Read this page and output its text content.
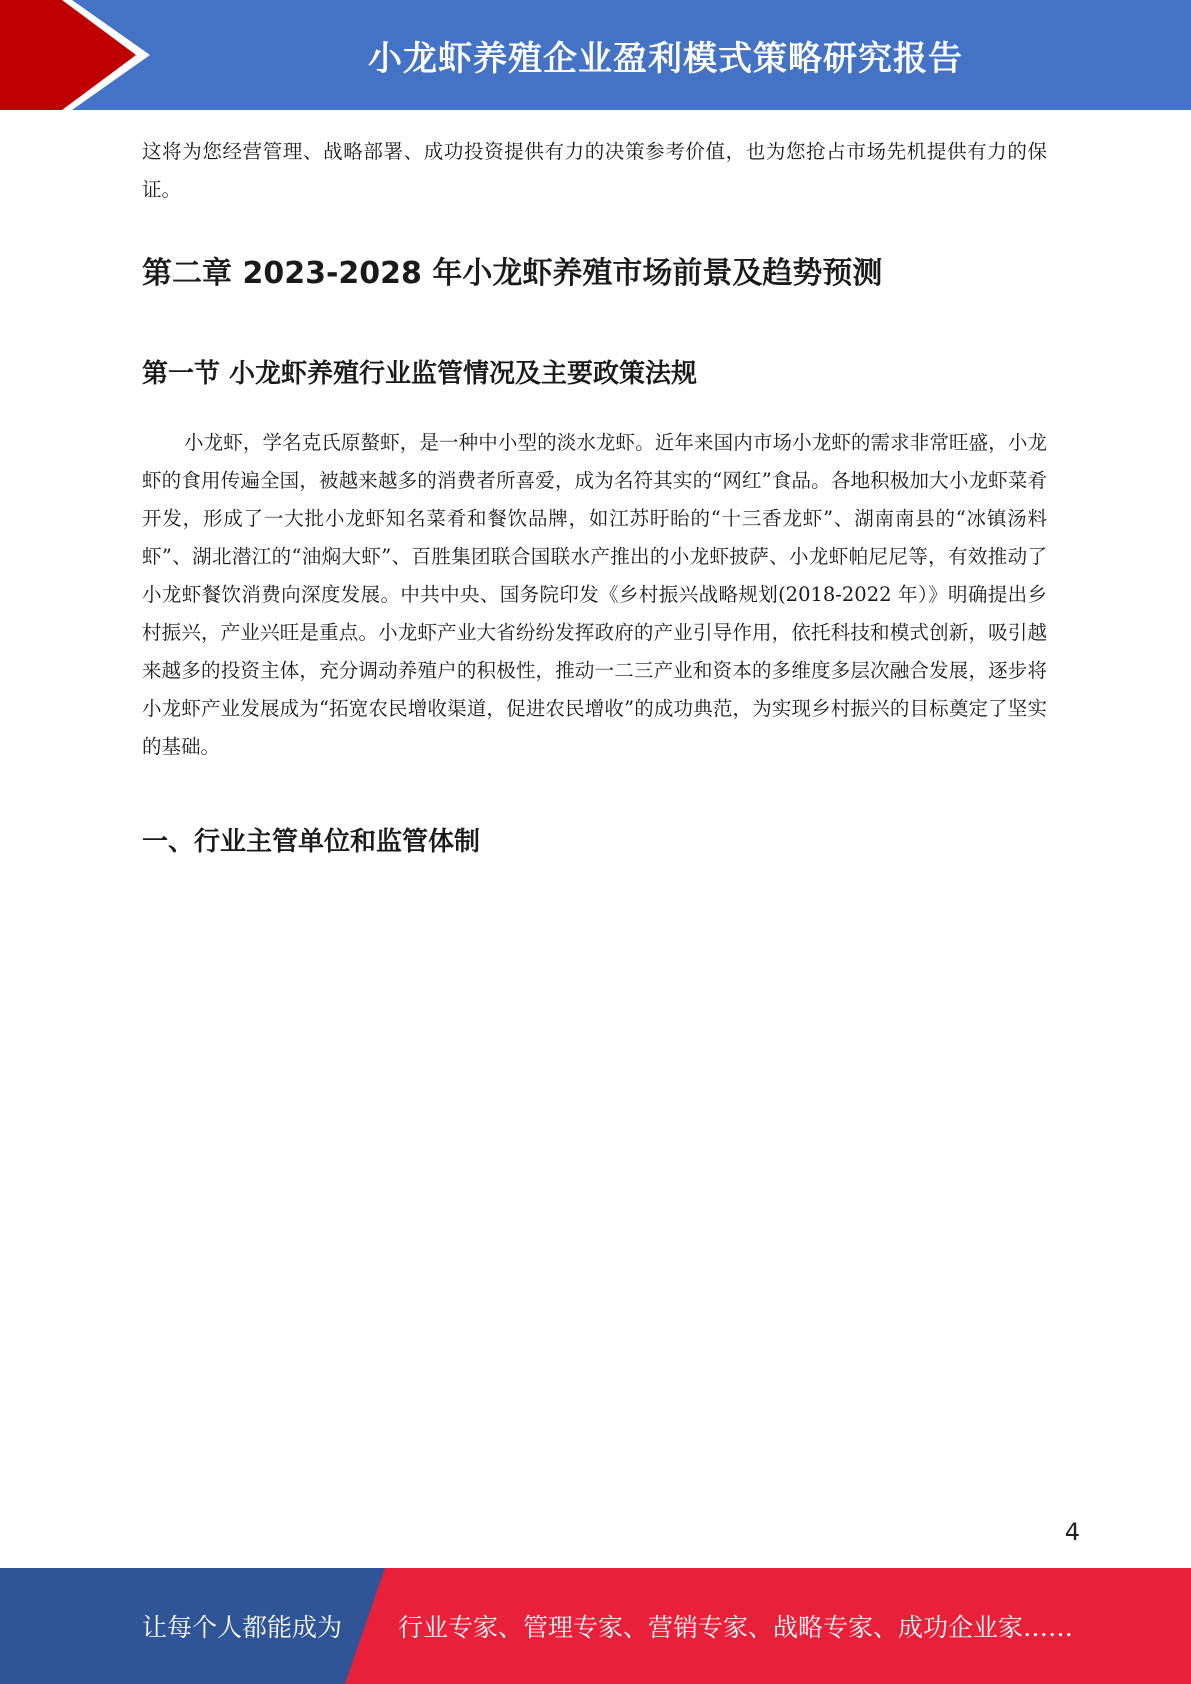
小龙虾养殖企业盈利模式策略研究报告

这将为您经营管理、战略部署、成功投资提供有力的决策参考价值，也为您抢占市场先机提供有力的保证。

第二章 2023-2028 年小龙虾养殖市场前景及趋势预测
第一节 小龙虾养殖行业监管情况及主要政策法规

小龙虾，学名克氏原螯虾，是一种中小型的淡水龙虾。近年来国内市场小龙虾的需求非常旺盛，小龙虾的食用传遍全国，被越来越多的消费者所喜爱，成为名符其实的“网红”食品。各地积极加大小龙虾菜肴开发，形成了一大批小龙虾知名菜肴和餐饮品牌，如江苏盱眙的“十三香龙虾”、湖南南县的“冰镇汤料虾”、湖北潜江的“油焖大虾”、百胜集团联合国联水产推出的小龙虾披萨、小龙虾帕尼尼等，有效推动了小龙虾餐饮消费向深度发展。中共中央、国务院印发《乡村振兴战略规划(2018-2022 年）》明确提出乡村振兴，产业兴旺是重点。小龙虾产业大省纷纷发挥政府的产业引导作用，依托科技和模式创新，吸引越来越多的投资主体，充分调动养殖户的积极性，推动一二三产业和资本的多维度多层次融合发展，逐步将小龙虾产业发展成为“拓宽农民增收渠道，促进农民增收”的成功典范，为实现乡村振兴的目标奠定了坚实的基础。

一、行业主管单位和监管体制
4
让每个人都能成为 行业专家、管理专家、营销专家、战略专家、成功企业家……
